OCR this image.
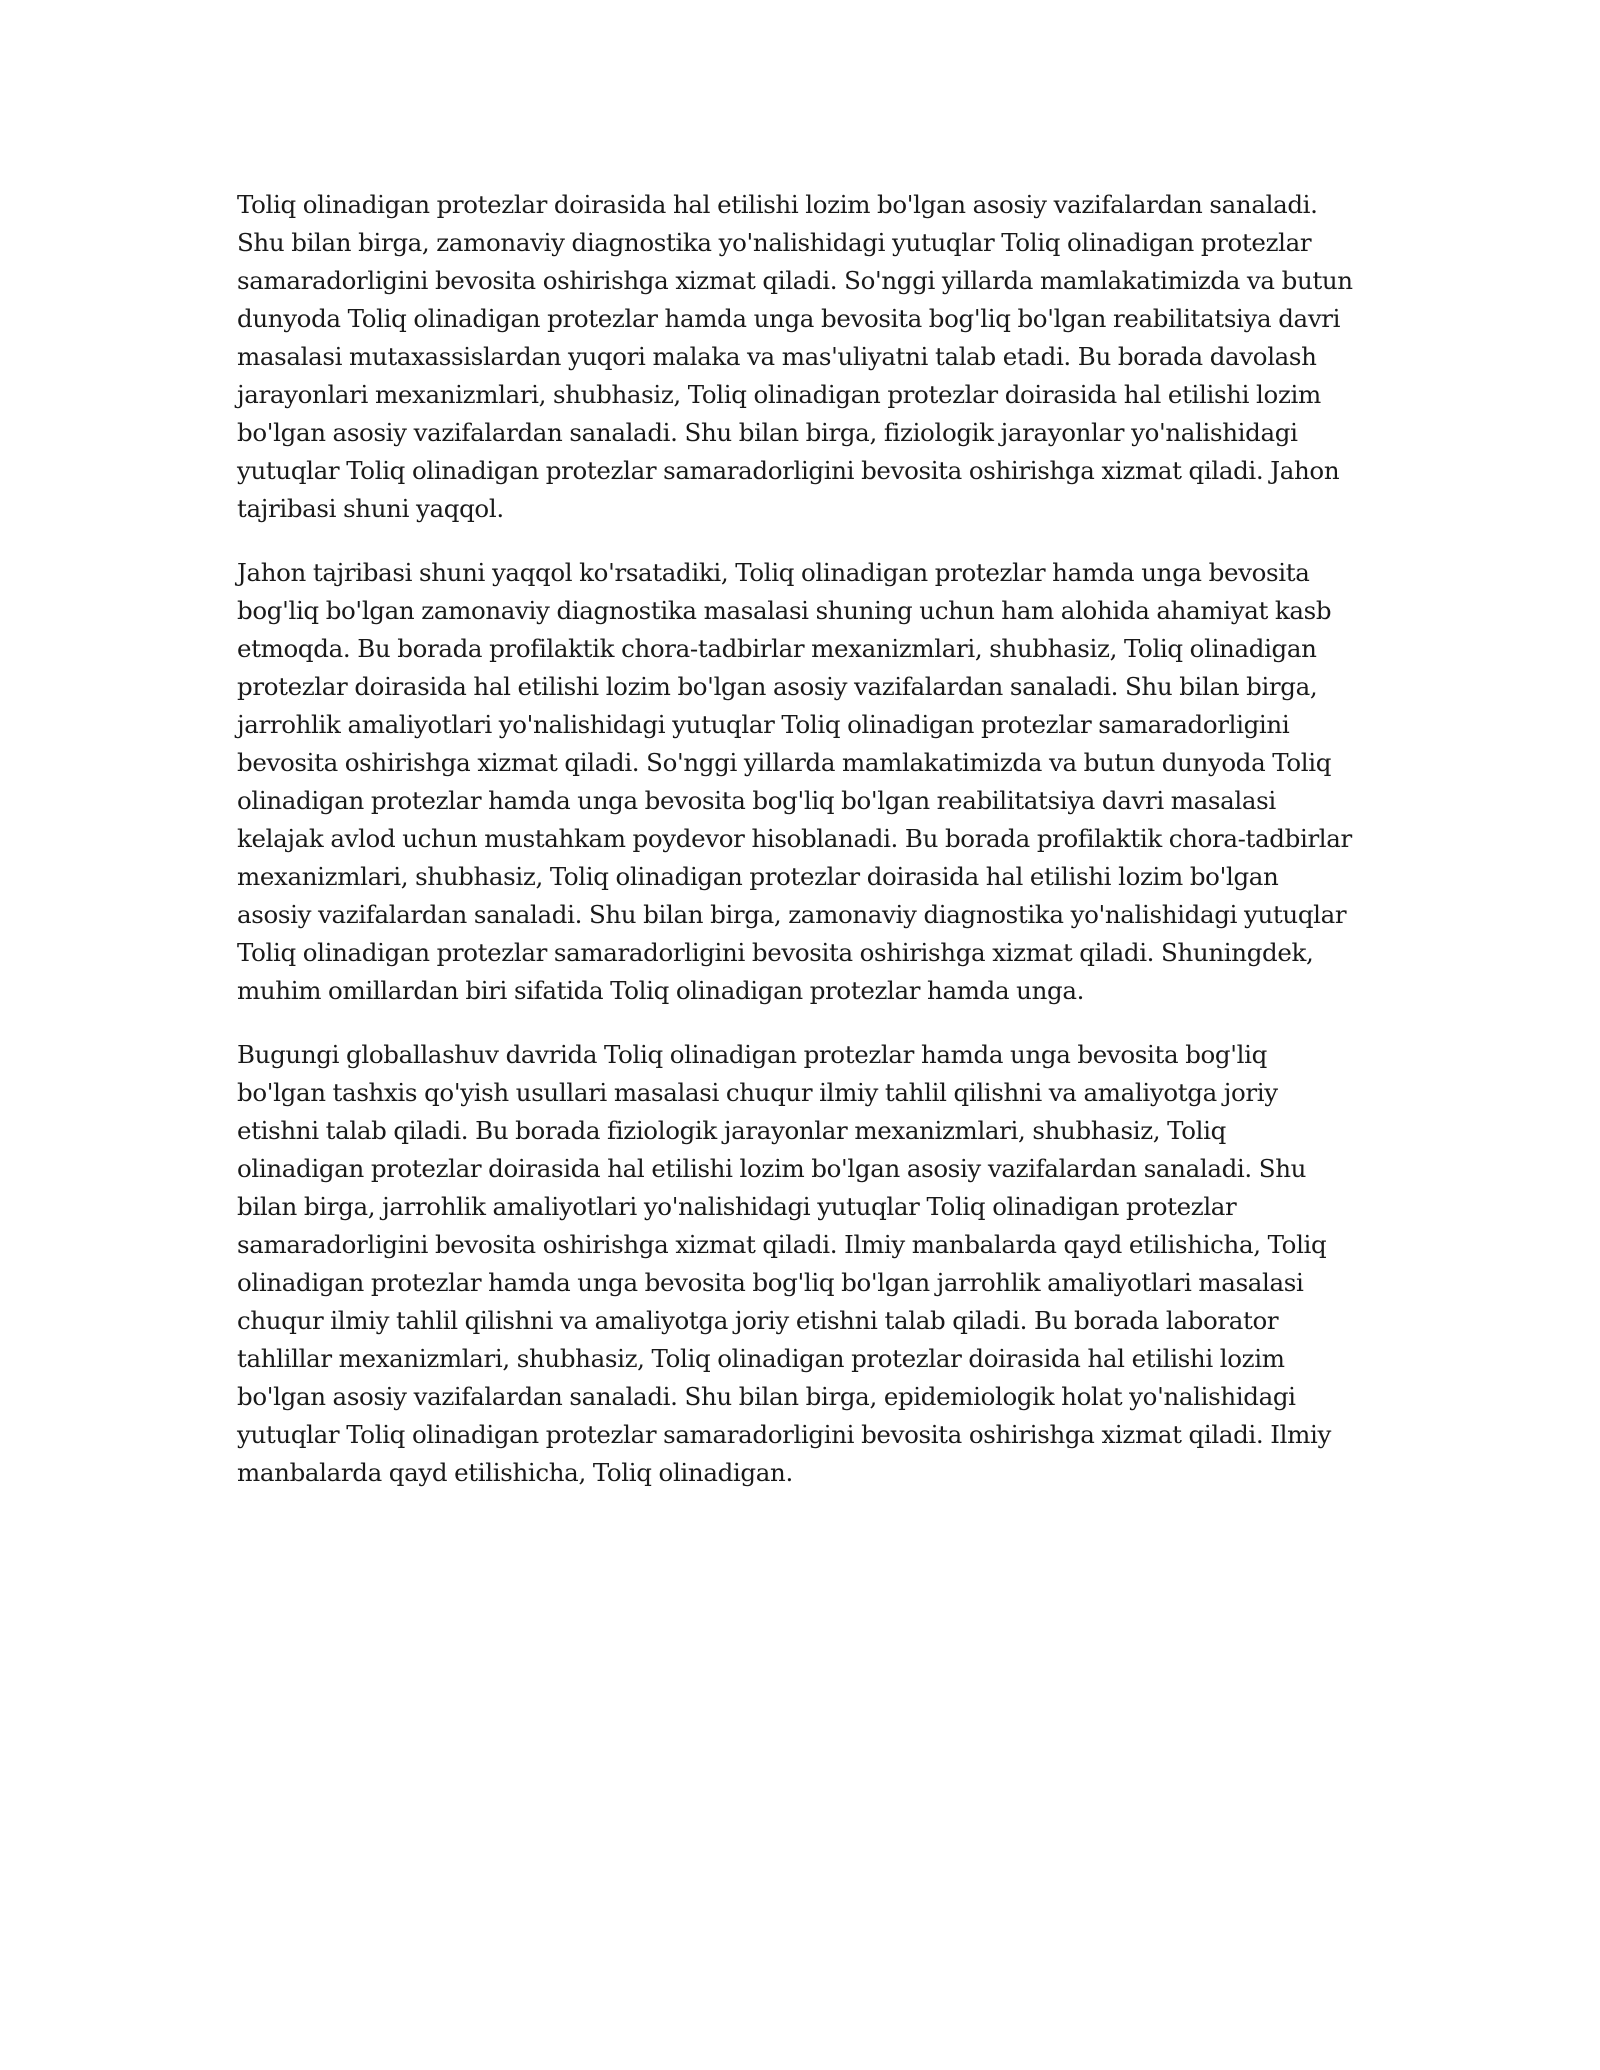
Toliq olinadigan protezlar doirasida hal etilishi lozim bo'lgan asosiy vazifalardan sanaladi. Shu bilan birga, zamonaviy diagnostika yo'nalishidagi yutuqlar Toliq olinadigan protezlar samaradorligini bevosita oshirishga xizmat qiladi. So'nggi yillarda mamlakatimizda va butun dunyoda Toliq olinadigan protezlar hamda unga bevosita bog'liq bo'lgan reabilitatsiya davri masalasi mutaxassislardan yuqori malaka va mas'uliyatni talab etadi. Bu borada davolash jarayonlari mexanizmlari, shubhasiz, Toliq olinadigan protezlar doirasida hal etilishi lozim bo'lgan asosiy vazifalardan sanaladi. Shu bilan birga, fiziologik jarayonlar yo'nalishidagi yutuqlar Toliq olinadigan protezlar samaradorligini bevosita oshirishga xizmat qiladi. Jahon tajribasi shuni yaqqol.

Jahon tajribasi shuni yaqqol ko'rsatadiki, Toliq olinadigan protezlar hamda unga bevosita bog'liq bo'lgan zamonaviy diagnostika masalasi shuning uchun ham alohida ahamiyat kasb etmoqda. Bu borada profilaktik chora-tadbirlar mexanizmlari, shubhasiz, Toliq olinadigan protezlar doirasida hal etilishi lozim bo'lgan asosiy vazifalardan sanaladi. Shu bilan birga, jarrohlik amaliyotlari yo'nalishidagi yutuqlar Toliq olinadigan protezlar samaradorligini bevosita oshirishga xizmat qiladi. So'nggi yillarda mamlakatimizda va butun dunyoda Toliq olinadigan protezlar hamda unga bevosita bog'liq bo'lgan reabilitatsiya davri masalasi kelajak avlod uchun mustahkam poydevor hisoblanadi. Bu borada profilaktik chora-tadbirlar mexanizmlari, shubhasiz, Toliq olinadigan protezlar doirasida hal etilishi lozim bo'lgan asosiy vazifalardan sanaladi. Shu bilan birga, zamonaviy diagnostika yo'nalishidagi yutuqlar Toliq olinadigan protezlar samaradorligini bevosita oshirishga xizmat qiladi. Shuningdek, muhim omillardan biri sifatida Toliq olinadigan protezlar hamda unga.

Bugungi globallashuv davrida Toliq olinadigan protezlar hamda unga bevosita bog'liq bo'lgan tashxis qo'yish usullari masalasi chuqur ilmiy tahlil qilishni va amaliyotga joriy etishni talab qiladi. Bu borada fiziologik jarayonlar mexanizmlari, shubhasiz, Toliq olinadigan protezlar doirasida hal etilishi lozim bo'lgan asosiy vazifalardan sanaladi. Shu bilan birga, jarrohlik amaliyotlari yo'nalishidagi yutuqlar Toliq olinadigan protezlar samaradorligini bevosita oshirishga xizmat qiladi. Ilmiy manbalarda qayd etilishicha, Toliq olinadigan protezlar hamda unga bevosita bog'liq bo'lgan jarrohlik amaliyotlari masalasi chuqur ilmiy tahlil qilishni va amaliyotga joriy etishni talab qiladi. Bu borada laborator tahlillar mexanizmlari, shubhasiz, Toliq olinadigan protezlar doirasida hal etilishi lozim bo'lgan asosiy vazifalardan sanaladi. Shu bilan birga, epidemiologik holat yo'nalishidagi yutuqlar Toliq olinadigan protezlar samaradorligini bevosita oshirishga xizmat qiladi. Ilmiy manbalarda qayd etilishicha, Toliq olinadigan.
